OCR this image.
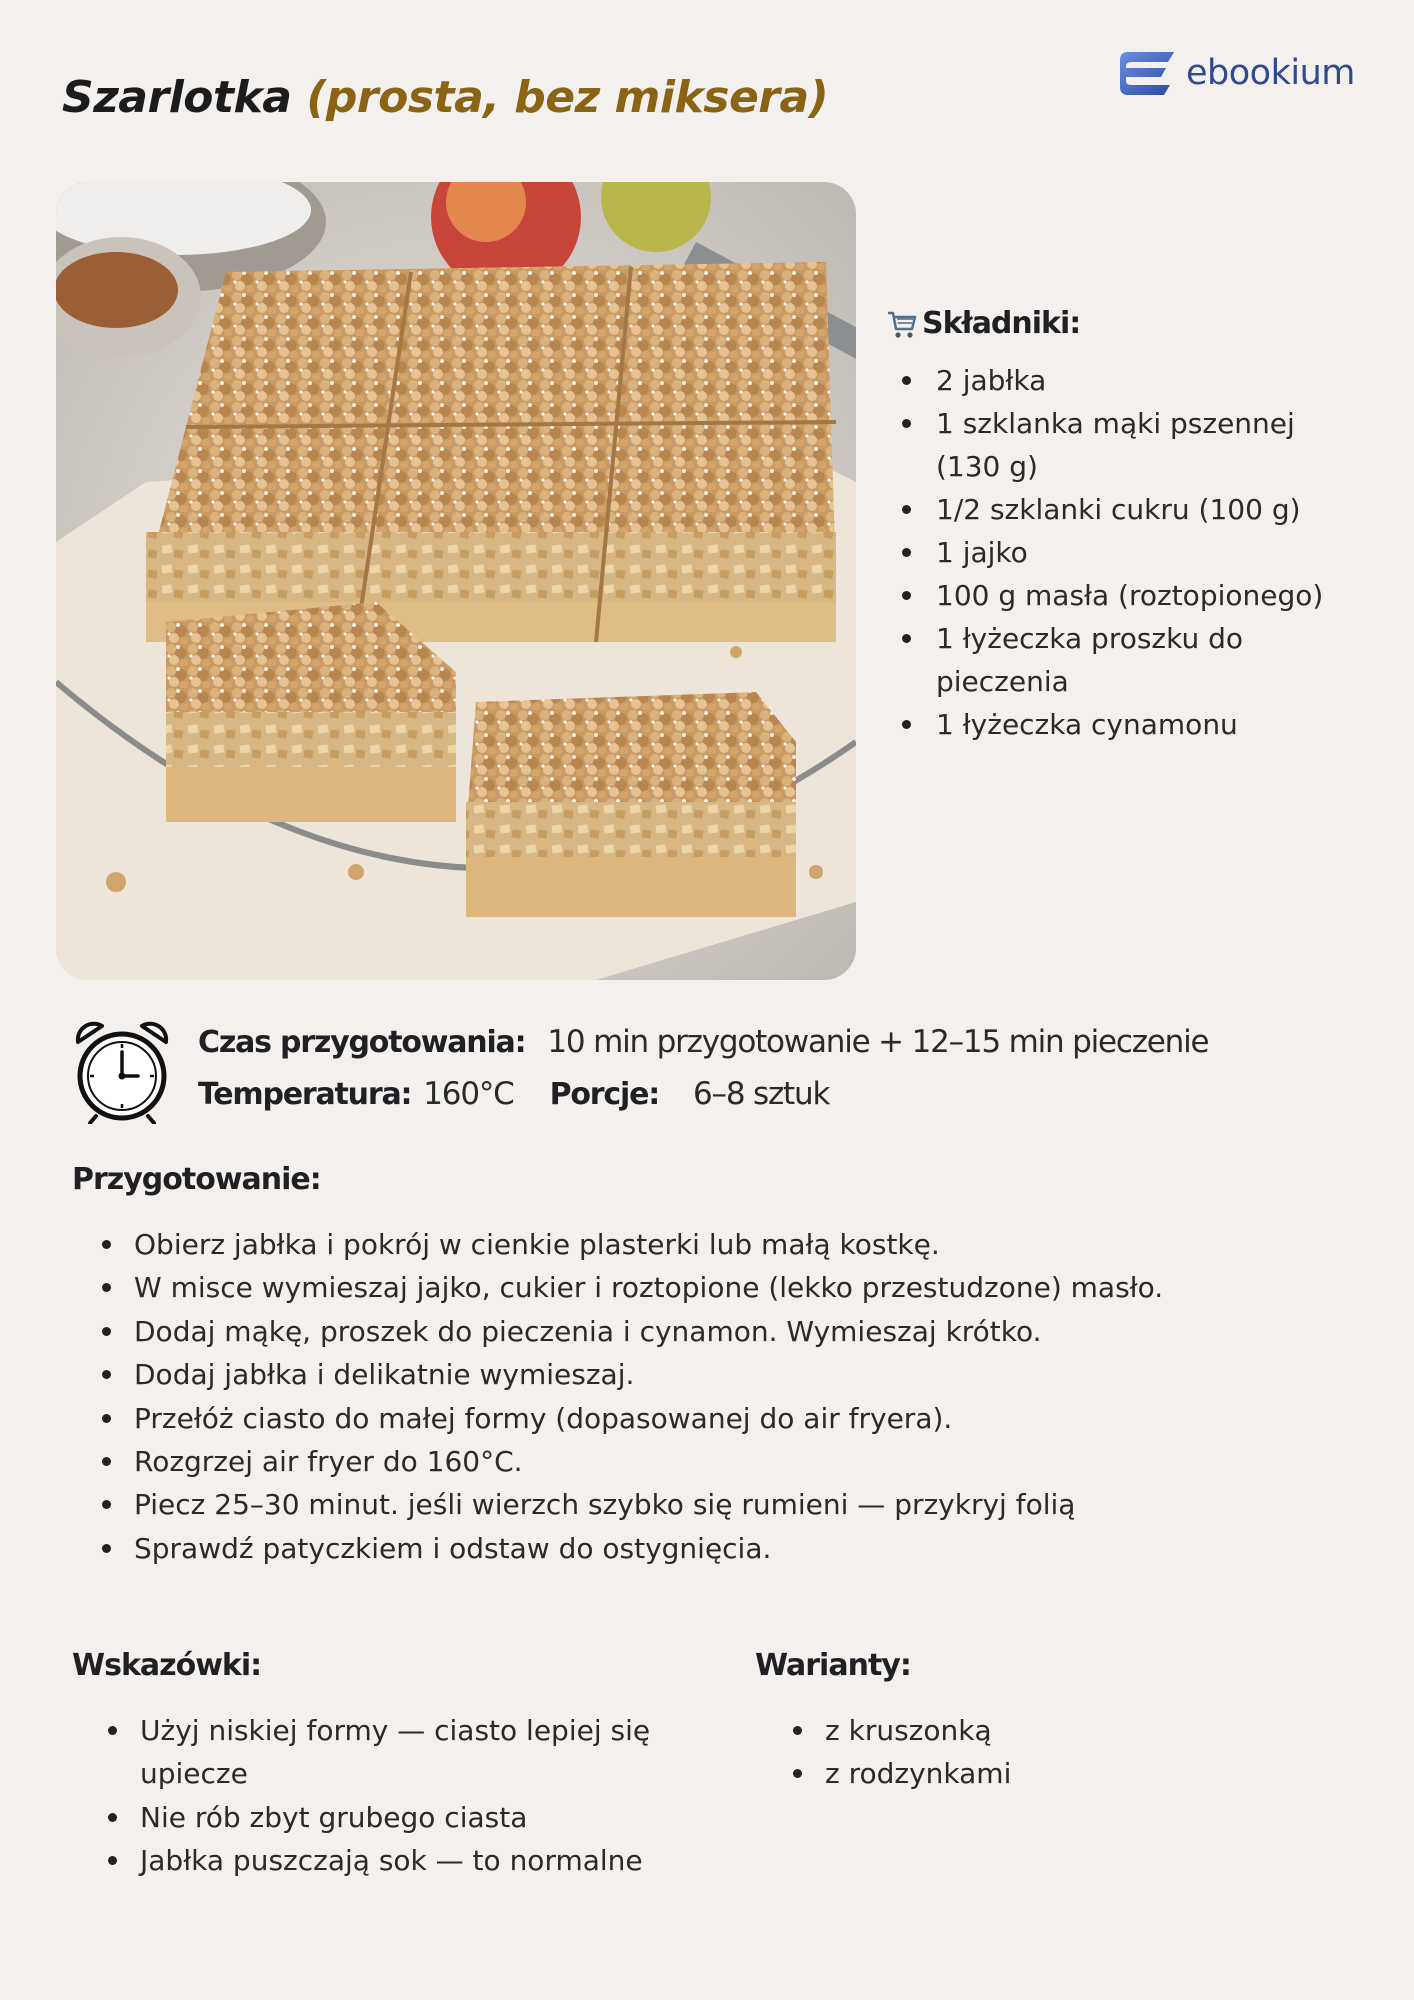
Szarlotka (prosta, bez miksera)	ebookium
Składniki:
2 jabłka
1 szklanka mąki pszennej (130 g)
1/2 szklanki cukru (100 g)
1 jajko
100 g masła (roztopionego)
1 łyżeczka proszku do pieczenia
1 łyżeczka cynamonu
Czas przygotowania: 10 min przygotowanie + 12–15 min pieczenie
Temperatura: 160°C Porcje: 6–8 sztuk
Przygotowanie:
Obierz jabłka i pokrój w cienkie plasterki lub małą kostkę.
W misce wymieszaj jajko, cukier i roztopione (lekko przestudzone) masło.
Dodaj mąkę, proszek do pieczenia i cynamon. Wymieszaj krótko.
Dodaj jabłka i delikatnie wymieszaj.
Przełóż ciasto do małej formy (dopasowanej do air fryera).
Rozgrzej air fryer do 160°C.
Piecz 25–30 minut. jeśli wierzch szybko się rumieni — przykryj folią
Sprawdź patyczkiem i odstaw do ostygnięcia.
Wskazówki:
Użyj niskiej formy — ciasto lepiej się upiecze
Nie rób zbyt grubego ciasta
Jabłka puszczają sok — to normalne
Warianty:
z kruszonką
z rodzynkami
